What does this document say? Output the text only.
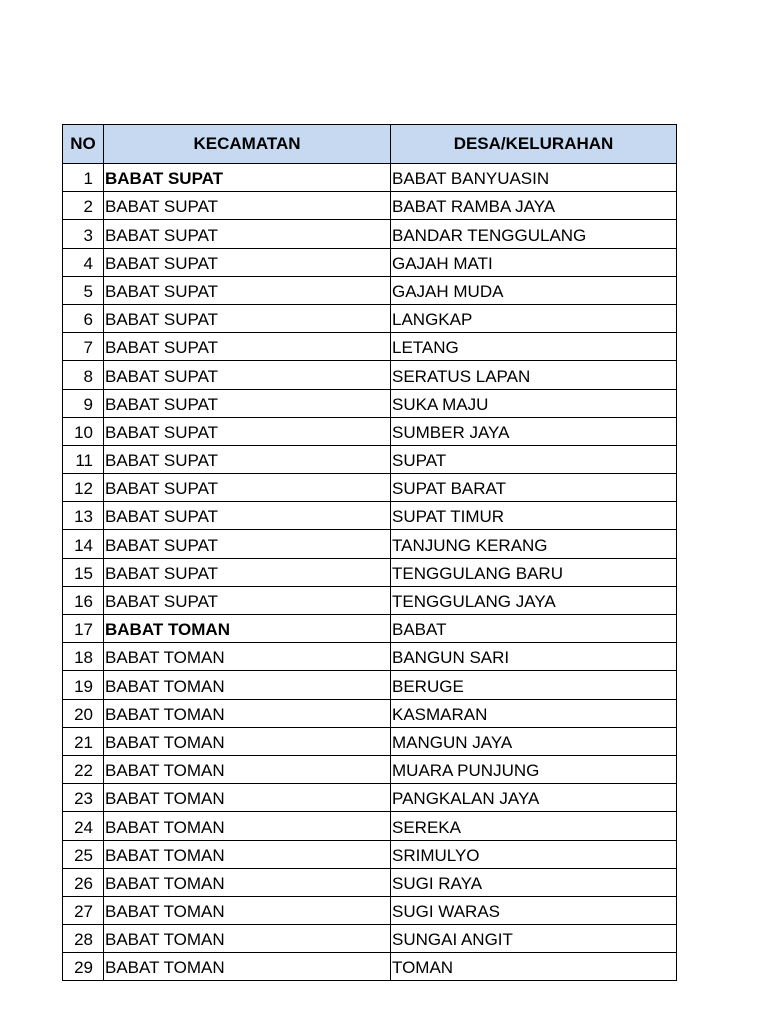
NO	KECAMATAN	DESA/KELURAHAN
1	BABAT SUPAT	BABAT BANYUASIN
2	BABAT SUPAT	BABAT RAMBA JAYA
3	BABAT SUPAT	BANDAR TENGGULANG
4	BABAT SUPAT	GAJAH MATI
5	BABAT SUPAT	GAJAH MUDA
6	BABAT SUPAT	LANGKAP
7	BABAT SUPAT	LETANG
8	BABAT SUPAT	SERATUS LAPAN
9	BABAT SUPAT	SUKA MAJU
10	BABAT SUPAT	SUMBER JAYA
11	BABAT SUPAT	SUPAT
12	BABAT SUPAT	SUPAT BARAT
13	BABAT SUPAT	SUPAT TIMUR
14	BABAT SUPAT	TANJUNG KERANG
15	BABAT SUPAT	TENGGULANG BARU
16	BABAT SUPAT	TENGGULANG JAYA
17	BABAT TOMAN	BABAT
18	BABAT TOMAN	BANGUN SARI
19	BABAT TOMAN	BERUGE
20	BABAT TOMAN	KASMARAN
21	BABAT TOMAN	MANGUN JAYA
22	BABAT TOMAN	MUARA PUNJUNG
23	BABAT TOMAN	PANGKALAN JAYA
24	BABAT TOMAN	SEREKA
25	BABAT TOMAN	SRIMULYO
26	BABAT TOMAN	SUGI RAYA
27	BABAT TOMAN	SUGI WARAS
28	BABAT TOMAN	SUNGAI ANGIT
29	BABAT TOMAN	TOMAN
